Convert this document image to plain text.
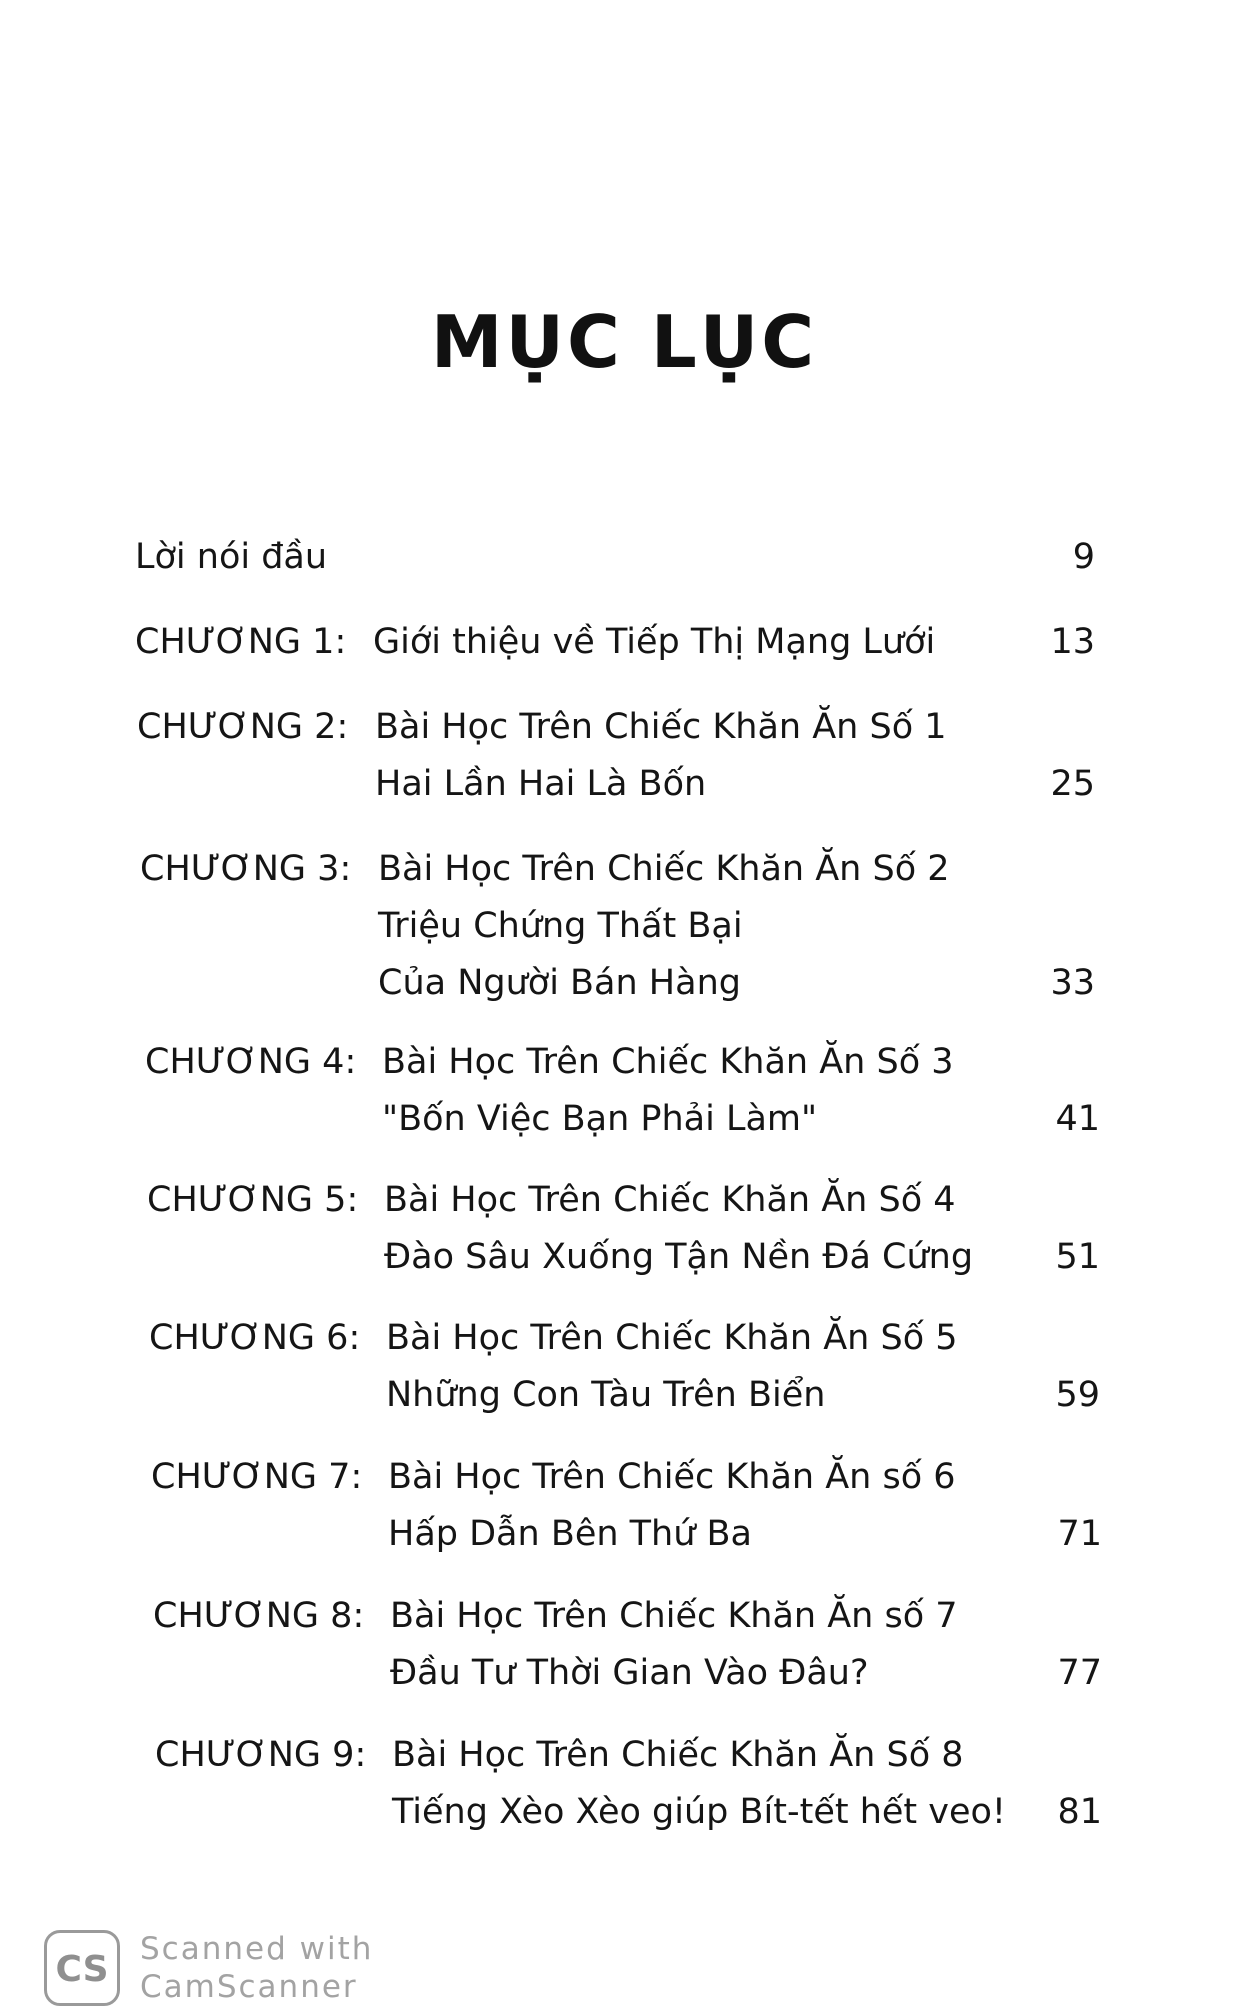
MỤC LỤC
Lời nói đầu	9
CHƯƠNG 1: Giới thiệu về Tiếp Thị Mạng Lưới	13
CHƯƠNG 2: Bài Học Trên Chiếc Khăn Ăn Số 1
Hai Lần Hai Là Bốn	25
CHƯƠNG 3: Bài Học Trên Chiếc Khăn Ăn Số 2
Triệu Chứng Thất Bại
Của Người Bán Hàng	33
CHƯƠNG 4: Bài Học Trên Chiếc Khăn Ăn Số 3
"Bốn Việc Bạn Phải Làm"	41
CHƯƠNG 5: Bài Học Trên Chiếc Khăn Ăn Số 4
Đào Sâu Xuống Tận Nền Đá Cứng	51
CHƯƠNG 6: Bài Học Trên Chiếc Khăn Ăn Số 5
Những Con Tàu Trên Biển	59
CHƯƠNG 7: Bài Học Trên Chiếc Khăn Ăn số 6
Hấp Dẫn Bên Thứ Ba	71
CHƯƠNG 8: Bài Học Trên Chiếc Khăn Ăn số 7
Đầu Tư Thời Gian Vào Đâu?	77
CHƯƠNG 9: Bài Học Trên Chiếc Khăn Ăn Số 8
Tiếng Xèo Xèo giúp Bít-tết hết veo!	81
CS Scanned with
CamScanner
